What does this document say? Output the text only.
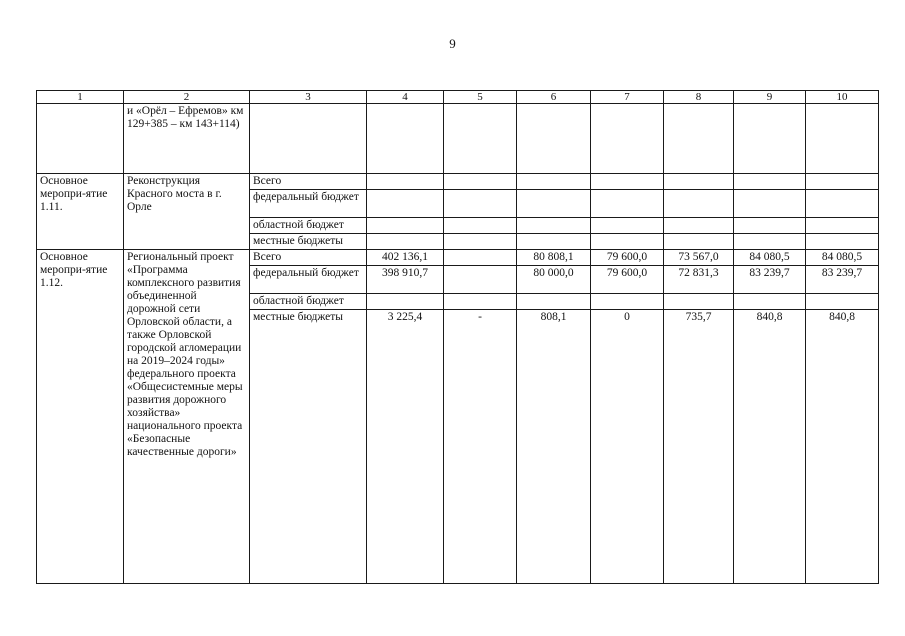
9
1	2	3	4	5	6	7	8	9	10
	и «Орёл – Ефремов» км 129+385 – км 143+114)								
Основное меропри-ятие 1.11.	Реконструкция Красного моста в г. Орле	Всего							
		федеральный бюджет							
		областной бюджет							
		местные бюджеты							
Основное меропри-ятие 1.12.	Региональный проект «Программа комплексного развития объединенной дорожной сети Орловской области, а также Орловской городской агломерации на 2019–2024 годы» федерального проекта «Общесистемные меры развития дорожного хозяйства» национального проекта «Безопасные качественные дороги»	Всего	402 136,1		80 808,1	79 600,0	73 567,0	84 080,5	84 080,5
		федеральный бюджет	398 910,7		80 000,0	79 600,0	72 831,3	83 239,7	83 239,7
		областной бюджет							
		местные бюджеты	3 225,4	-	808,1	0	735,7	840,8	840,8
